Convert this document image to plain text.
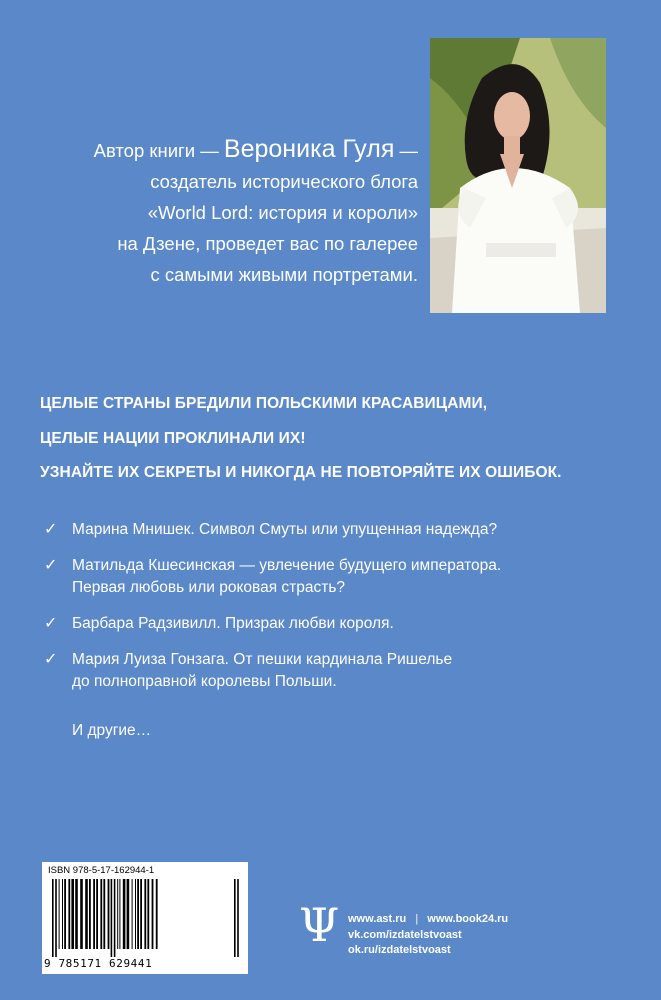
Автор книги — Вероника Гуля —
создатель исторического блога
«World Lord: история и короли»
на Дзене, проведет вас по галерее
с самыми живыми портретами.
ЦЕЛЫЕ СТРАНЫ БРЕДИЛИ ПОЛЬСКИМИ КРАСАВИЦАМИ,
ЦЕЛЫЕ НАЦИИ ПРОКЛИНАЛИ ИХ!
УЗНАЙТЕ ИХ СЕКРЕТЫ И НИКОГДА НЕ ПОВТОРЯЙТЕ ИХ ОШИБОК.
✓ Марина Мнишек. Символ Смуты или упущенная надежда?
✓ Матильда Кшесинская — увлечение будущего императора.
Первая любовь или роковая страсть?
✓ Барбара Радзивилл. Призрак любви короля.
✓ Мария Луиза Гонзага. От пешки кардинала Ришелье
до полноправной королевы Польши.
И другие…
ISBN 978-5-17-162944-1
9 785171 629441
Ψ www.ast.ru | www.book24.ru
vk.com/izdatelstvoast
ok.ru/izdatelstvoast
